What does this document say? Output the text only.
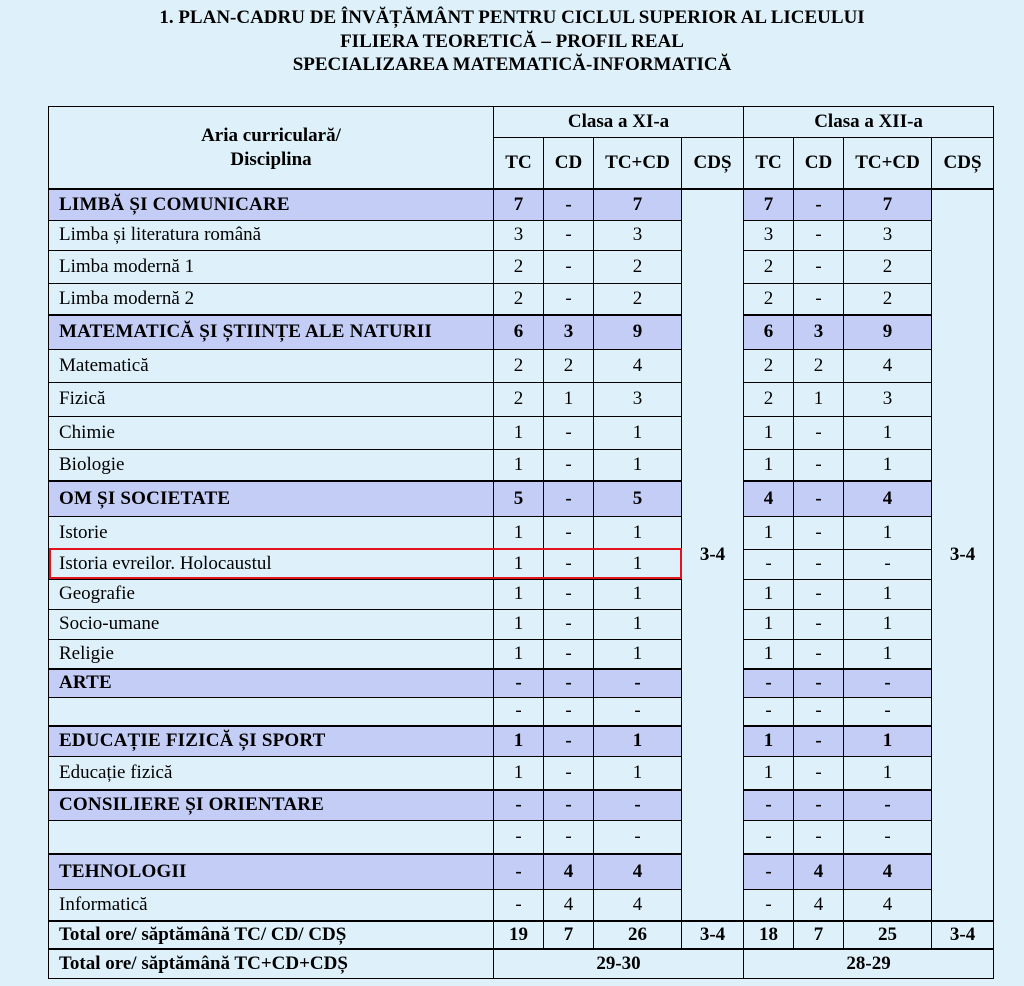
1. PLAN-CADRU DE ÎNVĂȚĂMÂNT PENTRU CICLUL SUPERIOR AL LICEULUI
FILIERA TEORETICĂ – PROFIL REAL
SPECIALIZAREA MATEMATICĂ-INFORMATICĂ
Aria curriculară/
Disciplina	Clasa a XI-a				Clasa a XII-a			
	TC	CD	TC+CD	CDȘ	TC	CD	TC+CD	CDȘ
LIMBĂ ȘI COMUNICARE	7	-	7	3-4	7	-	7	3-4
Limba și literatura română	3	-	3		3	-	3	
Limba modernă 1	2	-	2		2	-	2	
Limba modernă 2	2	-	2		2	-	2	
MATEMATICĂ ȘI ȘTIINȚE ALE NATURII	6	3	9		6	3	9	
Matematică	2	2	4		2	2	4	
Fizică	2	1	3		2	1	3	
Chimie	1	-	1		1	-	1	
Biologie	1	-	1		1	-	1	
OM ȘI SOCIETATE	5	-	5		4	-	4	
Istorie	1	-	1		1	-	1	
Istoria evreilor. Holocaustul	1	-	1		-	-	-	
Geografie	1	-	1		1	-	1	
Socio-umane	1	-	1		1	-	1	
Religie	1	-	1		1	-	1	
ARTE	-	-	-		-	-	-	
	-	-	-		-	-	-	
EDUCAȚIE FIZICĂ ȘI SPORT	1	-	1		1	-	1	
Educație fizică	1	-	1		1	-	1	
CONSILIERE ȘI ORIENTARE	-	-	-		-	-	-	
	-	-	-		-	-	-	
TEHNOLOGII	-	4	4		-	4	4	
Informatică	-	4	4		-	4	4	
Total ore/ săptămână TC/ CD/ CDȘ	19	7	26	3-4	18	7	25	3-4
Total ore/ săptămână TC+CD+CDȘ	29-30				28-29			
